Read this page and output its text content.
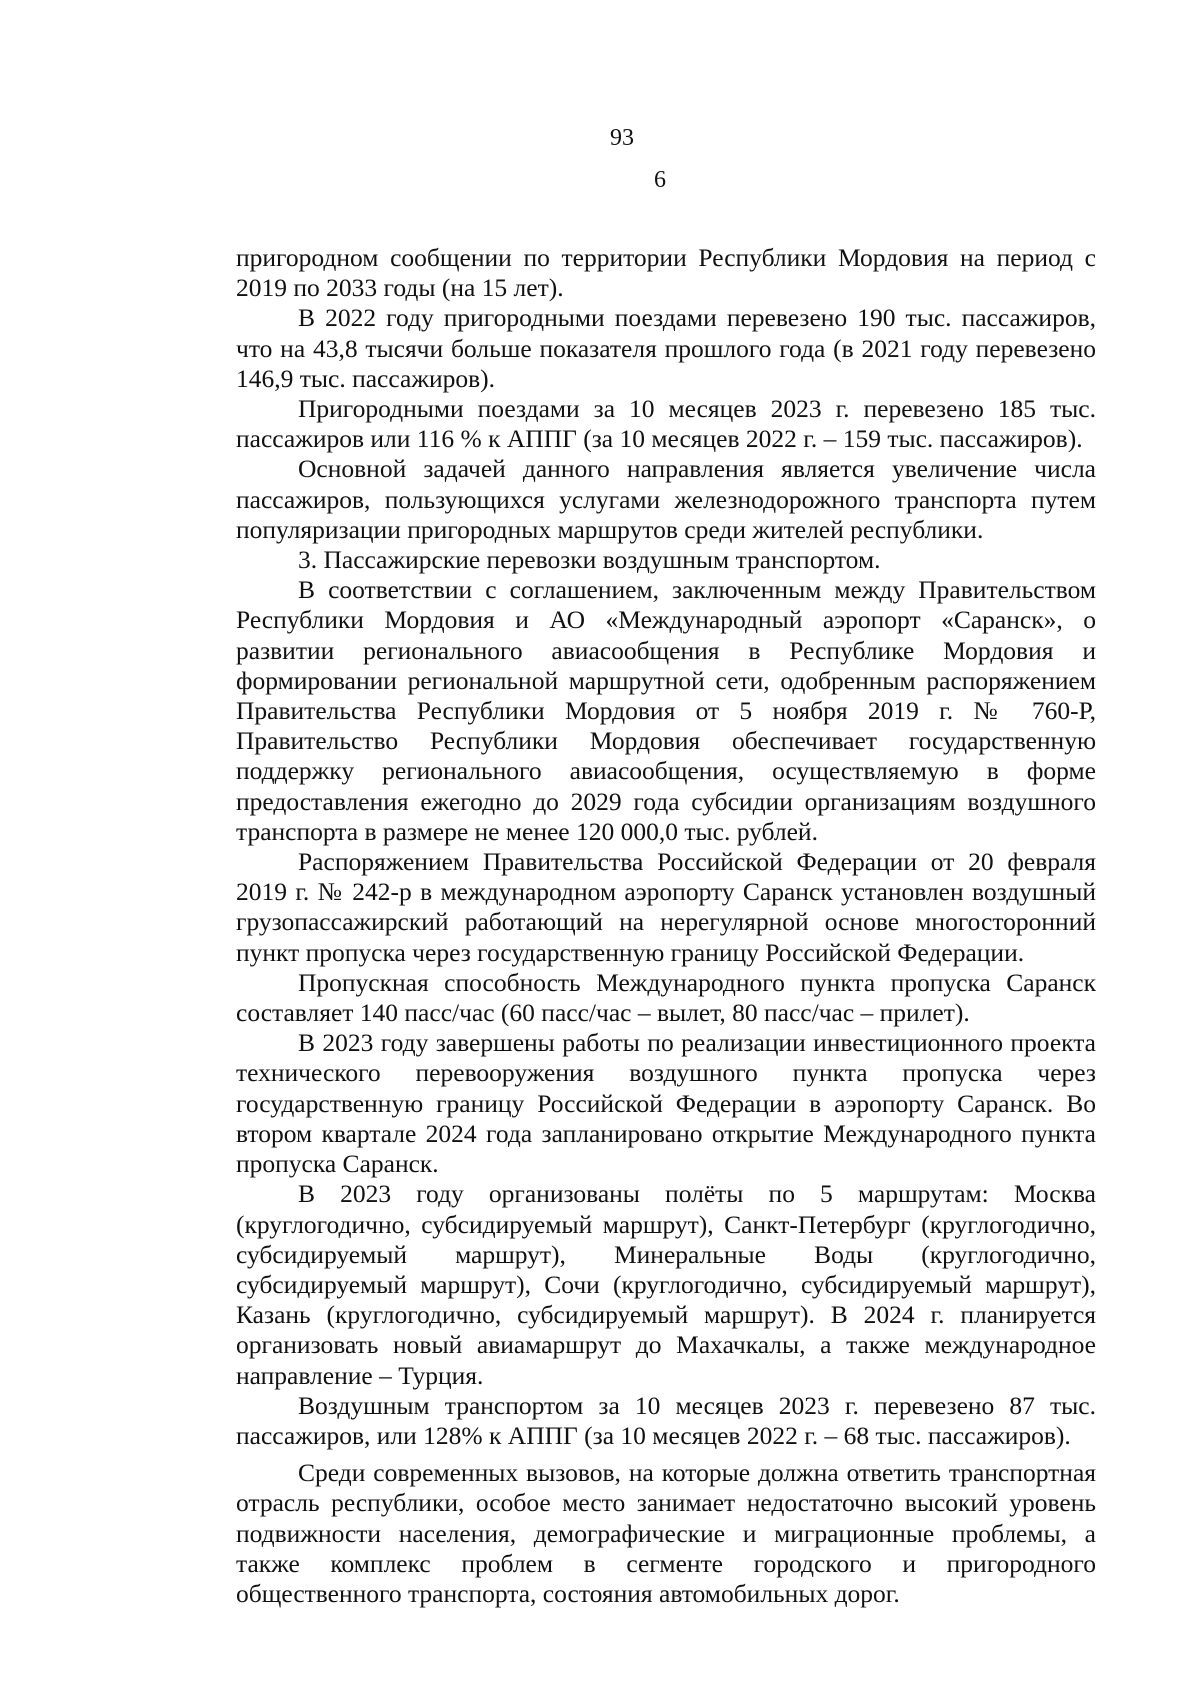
93
6

пригородном сообщении по территории Республики Мордовия на период с 2019 по 2033 годы (на 15 лет).

В 2022 году пригородными поездами перевезено 190 тыс. пассажиров, что на 43,8 тысячи больше показателя прошлого года (в 2021 году перевезено 146,9 тыс. пассажиров).

Пригородными поездами за 10 месяцев 2023 г. перевезено 185 тыс. пассажиров или 116 % к АППГ (за 10 месяцев 2022 г. – 159 тыс. пассажиров).

Основной задачей данного направления является увеличение числа пассажиров, пользующихся услугами железнодорожного транспорта путем популяризации пригородных маршрутов среди жителей республики.

3. Пассажирские перевозки воздушным транспортом.

В соответствии с соглашением, заключенным между Правительством Республики Мордовия и АО «Международный аэропорт «Саранск», о развитии регионального авиасообщения в Республике Мордовия и формировании региональной маршрутной сети, одобренным распоряжением Правительства Республики Мордовия от 5 ноября 2019 г. № 760-Р, Правительство Республики Мордовия обеспечивает государственную поддержку регионального авиасообщения, осуществляемую в форме предоставления ежегодно до 2029 года субсидии организациям воздушного транспорта в размере не менее 120 000,0 тыс. рублей.

Распоряжением Правительства Российской Федерации от 20 февраля 2019 г. № 242-р в международном аэропорту Саранск установлен воздушный грузопассажирский работающий на нерегулярной основе многосторонний пункт пропуска через государственную границу Российской Федерации.

Пропускная способность Международного пункта пропуска Саранск составляет 140 пасс/час (60 пасс/час – вылет, 80 пасс/час – прилет).

В 2023 году завершены работы по реализации инвестиционного проекта технического перевооружения воздушного пункта пропуска через государственную границу Российской Федерации в аэропорту Саранск. Во втором квартале 2024 года запланировано открытие Международного пункта пропуска Саранск.

В 2023 году организованы полёты по 5 маршрутам: Москва (круглогодично, субсидируемый маршрут), Санкт-Петербург (круглогодично, субсидируемый маршрут), Минеральные Воды (круглогодично, субсидируемый маршрут), Сочи (круглогодично, субсидируемый маршрут), Казань (круглогодично, субсидируемый маршрут). В 2024 г. планируется организовать новый авиамаршрут до Махачкалы, а также международное направление – Турция.

Воздушным транспортом за 10 месяцев 2023 г. перевезено 87 тыс. пассажиров, или 128% к АППГ (за 10 месяцев 2022 г. – 68 тыс. пассажиров).

Среди современных вызовов, на которые должна ответить транспортная отрасль республики, особое место занимает недостаточно высокий уровень подвижности населения, демографические и миграционные проблемы, а также комплекс проблем в сегменте городского и пригородного общественного транспорта, состояния автомобильных дорог.
